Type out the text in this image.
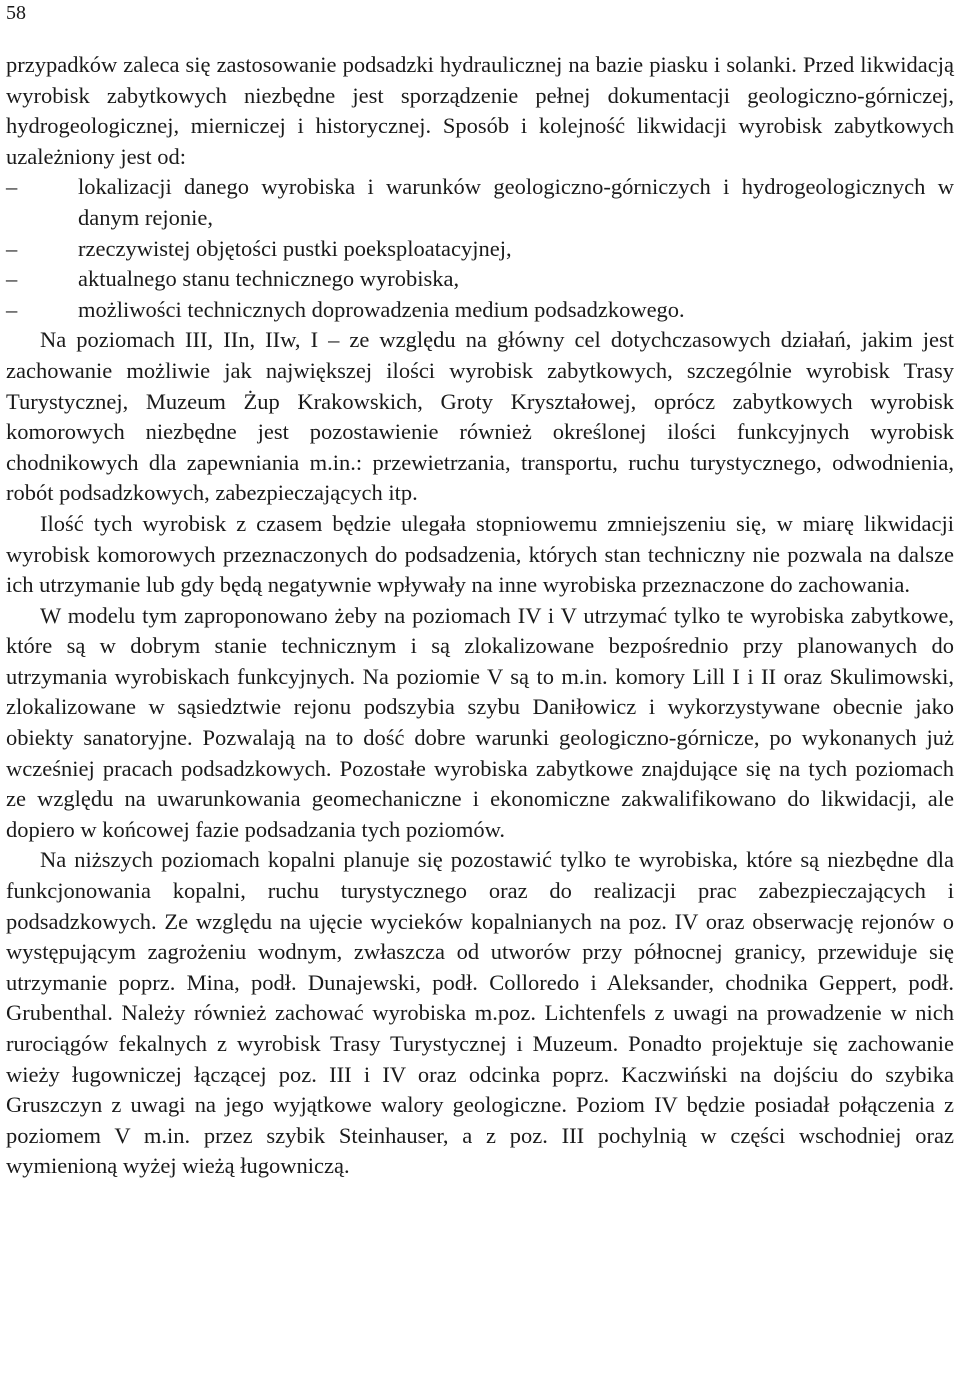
58

przypadków zaleca się zastosowanie podsadzki hydraulicznej na bazie piasku i solanki. Przed likwidacją wyrobisk zabytkowych niezbędne jest sporządzenie pełnej dokumentacji geologiczno-górniczej, hydrogeologicznej, mierniczej i historycznej. Sposób i kolejność likwidacji wyrobisk zabytkowych uzależniony jest od:

–	lokalizacji danego wyrobiska i warunków geologiczno-górniczych i hydrogeologicznych w danym rejonie,
–	rzeczywistej objętości pustki poeksploatacyjnej,
–	aktualnego stanu technicznego wyrobiska,
–	możliwości technicznych doprowadzenia medium podsadzkowego.

Na poziomach III, IIn, IIw, I – ze względu na główny cel dotychczasowych działań, jakim jest zachowanie możliwie jak największej ilości wyrobisk zabytkowych, szczególnie wyrobisk Trasy Turystycznej, Muzeum Żup Krakowskich, Groty Kryształowej, oprócz zabytkowych wyrobisk komorowych niezbędne jest pozostawienie również określonej ilości funkcyjnych wyrobisk chodnikowych dla zapewniania m.in.: przewietrzania, transportu, ruchu turystycznego, odwodnienia, robót podsadzkowych, zabezpieczających itp.

Ilość tych wyrobisk z czasem będzie ulegała stopniowemu zmniejszeniu się, w miarę likwidacji wyrobisk komorowych przeznaczonych do podsadzenia, których stan techniczny nie pozwala na dalsze ich utrzymanie lub gdy będą negatywnie wpływały na inne wyrobiska przeznaczone do zachowania.

W modelu tym zaproponowano żeby na poziomach IV i V utrzymać tylko te wyrobiska zabytkowe, które są w dobrym stanie technicznym i są zlokalizowane bezpośrednio przy planowanych do utrzymania wyrobiskach funkcyjnych. Na poziomie V są to m.in. komory Lill I i II oraz Skulimowski, zlokalizowane w sąsiedztwie rejonu podszybia szybu Daniłowicz i wykorzystywane obecnie jako obiekty sanatoryjne. Pozwalają na to dość dobre warunki geologiczno-górnicze, po wykonanych już wcześniej pracach podsadzkowych. Pozostałe wyrobiska zabytkowe znajdujące się na tych poziomach ze względu na uwarunkowania geomechaniczne i ekonomiczne zakwalifikowano do likwidacji, ale dopiero w końcowej fazie podsadzania tych poziomów.

Na niższych poziomach kopalni planuje się pozostawić tylko te wyrobiska, które są niezbędne dla funkcjonowania kopalni, ruchu turystycznego oraz do realizacji prac zabezpieczających i podsadzkowych. Ze względu na ujęcie wycieków kopalnianych na poz. IV oraz obserwację rejonów o występującym zagrożeniu wodnym, zwłaszcza od utworów przy północnej granicy, przewiduje się utrzymanie poprz. Mina, podł. Dunajewski, podł. Colloredo i Aleksander, chodnika Geppert, podł. Grubenthal. Należy również zachować wyrobiska m.poz. Lichtenfels z uwagi na prowadzenie w nich rurociągów fekalnych z wyrobisk Trasy Turystycznej i Muzeum. Ponadto projektuje się zachowanie wieży ługowniczej łączącej poz. III i IV oraz odcinka poprz. Kaczwiński na dojściu do szybika Gruszczyn z uwagi na jego wyjątkowe walory geologiczne. Poziom IV będzie posiadał połączenia z poziomem V m.in. przez szybik Steinhauser, a z poz. III pochylnią w części wschodniej oraz wymienioną wyżej wieżą ługowniczą.
